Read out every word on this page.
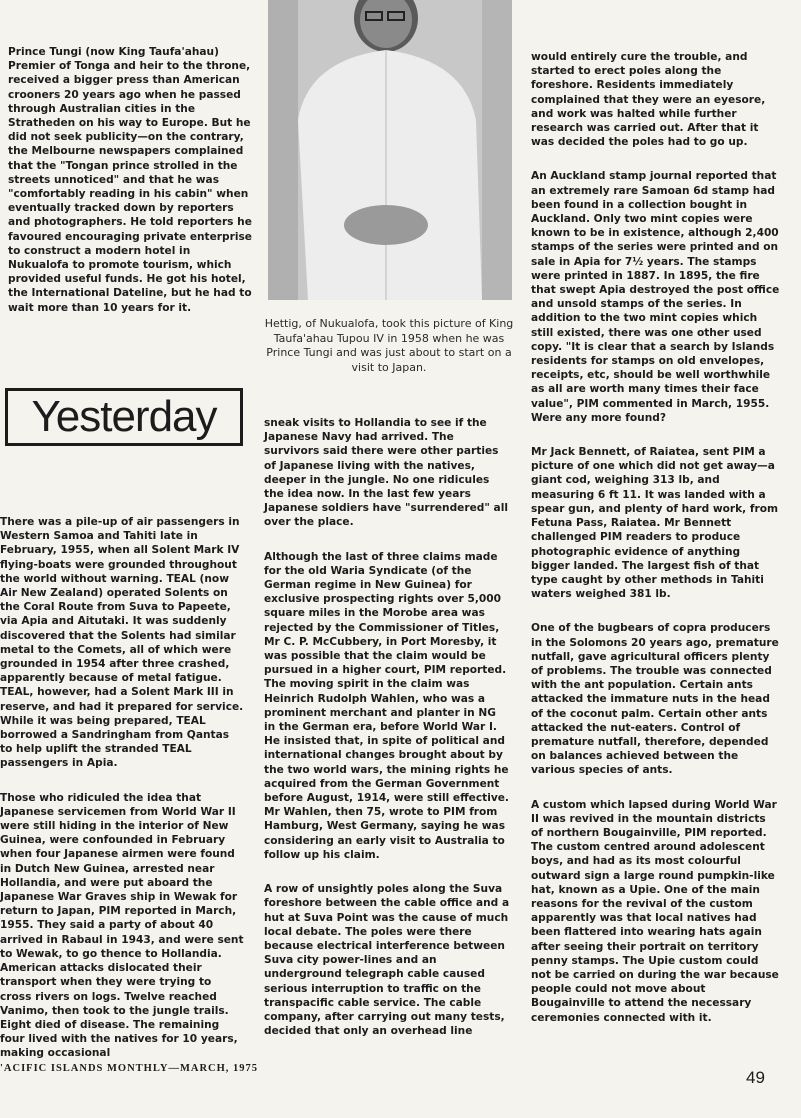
Prince Tungi (now King Taufa'ahau) Premier of Tonga and heir to the throne, received a bigger press than American crooners 20 years ago when he passed through Australian cities in the Stratheden on his way to Europe. But he did not seek publicity—on the contrary, the Melbourne newspapers complained that the "Tongan prince strolled in the streets unnoticed" and that he was "comfortably reading in his cabin" when eventually tracked down by reporters and photographers. He told reporters he favoured encouraging private enterprise to construct a modern hotel in Nukualofa to promote tourism, which provided useful funds. He got his hotel, the International Dateline, but he had to wait more than 10 years for it.

Hettig, of Nukualofa, took this picture of King Taufa'ahau Tupou IV in 1958 when he was Prince Tungi and was just about to start on a visit to Japan.
Yesterday

There was a pile-up of air passengers in Western Samoa and Tahiti late in February, 1955, when all Solent Mark IV flying-boats were grounded throughout the world without warning. TEAL (now Air New Zealand) operated Solents on the Coral Route from Suva to Papeete, via Apia and Aitutaki. It was suddenly discovered that the Solents had similar metal to the Comets, all of which were grounded in 1954 after three crashed, apparently because of metal fatigue. TEAL, however, had a Solent Mark III in reserve, and had it prepared for service. While it was being prepared, TEAL borrowed a Sandringham from Qantas to help uplift the stranded TEAL passengers in Apia.

Those who ridiculed the idea that Japanese servicemen from World War II were still hiding in the interior of New Guinea, were confounded in February when four Japanese airmen were found in Dutch New Guinea, arrested near Hollandia, and were put aboard the Japanese War Graves ship in Wewak for return to Japan, PIM reported in March, 1955. They said a party of about 40 arrived in Rabaul in 1943, and were sent to Wewak, to go thence to Hollandia. American attacks dislocated their transport when they were trying to cross rivers on logs. Twelve reached Vanimo, then took to the jungle trails. Eight died of disease. The remaining four lived with the natives for 10 years, making occasional

sneak visits to Hollandia to see if the Japanese Navy had arrived. The survivors said there were other parties of Japanese living with the natives, deeper in the jungle. No one ridicules the idea now. In the last few years Japanese soldiers have "surrendered" all over the place.

Although the last of three claims made for the old Waria Syndicate (of the German regime in New Guinea) for exclusive prospecting rights over 5,000 square miles in the Morobe area was rejected by the Commissioner of Titles, Mr C. P. McCubbery, in Port Moresby, it was possible that the claim would be pursued in a higher court, PIM reported. The moving spirit in the claim was Heinrich Rudolph Wahlen, who was a prominent merchant and planter in NG in the German era, before World War I. He insisted that, in spite of political and international changes brought about by the two world wars, the mining rights he acquired from the German Government before August, 1914, were still effective. Mr Wahlen, then 75, wrote to PIM from Hamburg, West Germany, saying he was considering an early visit to Australia to follow up his claim.

A row of unsightly poles along the Suva foreshore between the cable office and a hut at Suva Point was the cause of much local debate. The poles were there because electrical interference between Suva city power-lines and an underground telegraph cable caused serious interruption to traffic on the transpacific cable service. The cable company, after carrying out many tests, decided that only an overhead line

would entirely cure the trouble, and started to erect poles along the foreshore. Residents immediately complained that they were an eyesore, and work was halted while further research was carried out. After that it was decided the poles had to go up.

An Auckland stamp journal reported that an extremely rare Samoan 6d stamp had been found in a collection bought in Auckland. Only two mint copies were known to be in existence, although 2,400 stamps of the series were printed and on sale in Apia for 7½ years. The stamps were printed in 1887. In 1895, the fire that swept Apia destroyed the post office and unsold stamps of the series. In addition to the two mint copies which still existed, there was one other used copy. "It is clear that a search by Islands residents for stamps on old envelopes, receipts, etc, should be well worthwhile as all are worth many times their face value", PIM commented in March, 1955. Were any more found?

Mr Jack Bennett, of Raiatea, sent PIM a picture of one which did not get away—a giant cod, weighing 313 lb, and measuring 6 ft 11. It was landed with a spear gun, and plenty of hard work, from Fetuna Pass, Raiatea. Mr Bennett challenged PIM readers to produce photographic evidence of anything bigger landed. The largest fish of that type caught by other methods in Tahiti waters weighed 381 lb.

One of the bugbears of copra producers in the Solomons 20 years ago, premature nutfall, gave agricultural officers plenty of problems. The trouble was connected with the ant population. Certain ants attacked the immature nuts in the head of the coconut palm. Certain other ants attacked the nut-eaters. Control of premature nutfall, therefore, depended on balances achieved between the various species of ants.

A custom which lapsed during World War II was revived in the mountain districts of northern Bougainville, PIM reported. The custom centred around adolescent boys, and had as its most colourful outward sign a large round pumpkin-like hat, known as a Upie. One of the main reasons for the revival of the custom apparently was that local natives had been flattered into wearing hats again after seeing their portrait on territory penny stamps. The Upie custom could not be carried on during the war because people could not move about Bougainville to attend the necessary ceremonies connected with it.

'ACIFIC ISLANDS MONTHLY—MARCH, 1975	49
